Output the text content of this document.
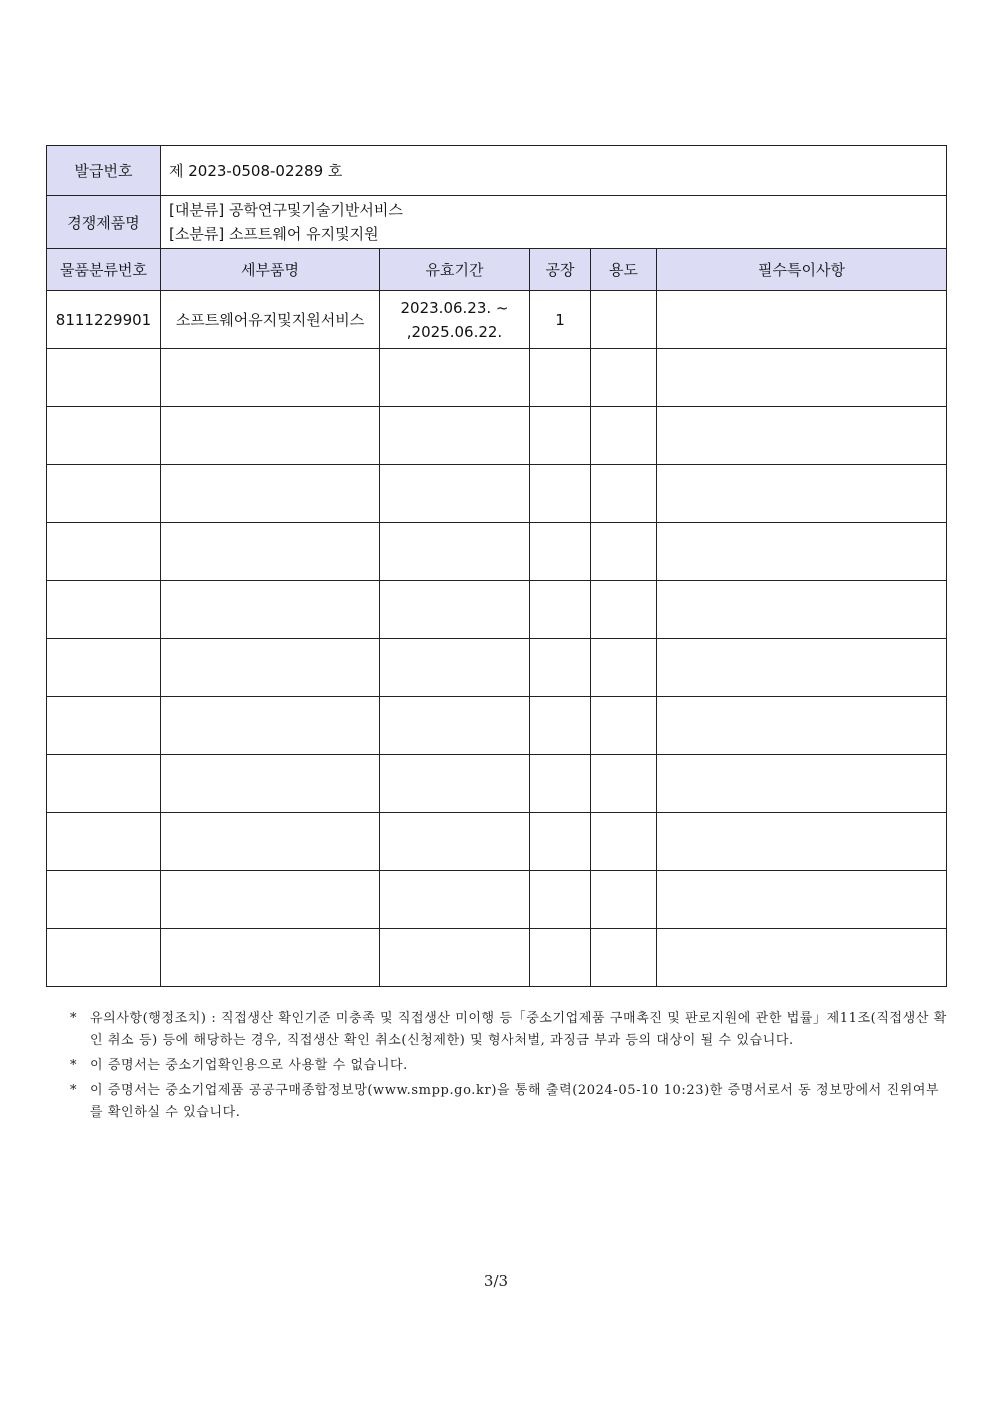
발급번호	제 2023-0508-02289 호				
경쟁제품명	[대분류] 공학연구및기술기반서비스
[소분류] 소프트웨어 유지및지원				

물품분류번호	세부품명	유효기간	공장	용도	필수특이사항
8111229901	소프트웨어유지및지원서비스	2023.06.23. ~
,2025.06.22.	1		

* 유의사항(행정조치) : 직접생산 확인기준 미충족 및 직접생산 미이행 등「중소기업제품 구매촉진 및 판로지원에 관한 법률」제11조(직접생산 확인 취소 등) 등에 해당하는 경우, 직접생산 확인 취소(신청제한) 및 형사처벌, 과징금 부과 등의 대상이 될 수 있습니다.
* 이 증명서는 중소기업확인용으로 사용할 수 없습니다.
* 이 증명서는 중소기업제품 공공구매종합정보망(www.smpp.go.kr)을 통해 출력(2024-05-10 10:23)한 증명서로서 동 정보망에서 진위여부를 확인하실 수 있습니다.
3/3
